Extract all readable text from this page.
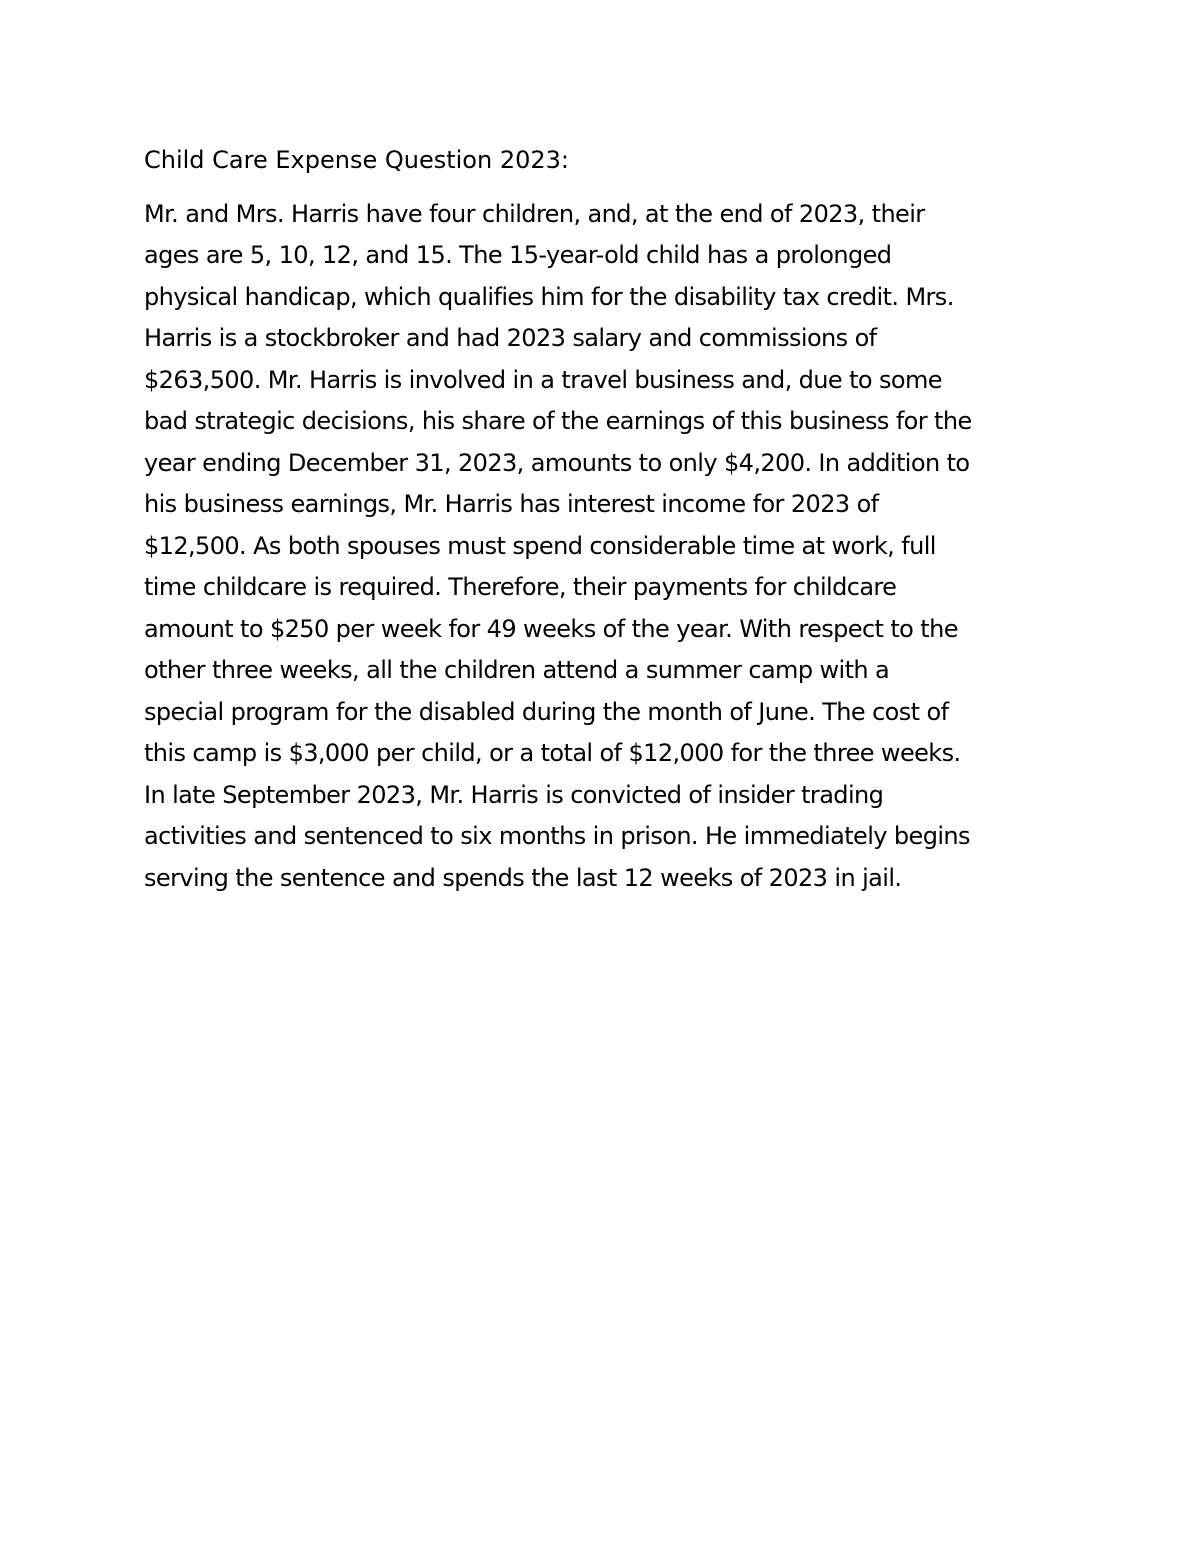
Child Care Expense Question 2023:

Mr. and Mrs. Harris have four children, and, at the end of 2023, their
ages are 5, 10, 12, and 15. The 15-year-old child has a prolonged
physical handicap, which qualifies him for the disability tax credit. Mrs.
Harris is a stockbroker and had 2023 salary and commissions of
$263,500. Mr. Harris is involved in a travel business and, due to some
bad strategic decisions, his share of the earnings of this business for the
year ending December 31, 2023, amounts to only $4,200. In addition to
his business earnings, Mr. Harris has interest income for 2023 of
$12,500. As both spouses must spend considerable time at work, full
time childcare is required. Therefore, their payments for childcare
amount to $250 per week for 49 weeks of the year. With respect to the
other three weeks, all the children attend a summer camp with a
special program for the disabled during the month of June. The cost of
this camp is $3,000 per child, or a total of $12,000 for the three weeks.
In late September 2023, Mr. Harris is convicted of insider trading
activities and sentenced to six months in prison. He immediately begins
serving the sentence and spends the last 12 weeks of 2023 in jail.
